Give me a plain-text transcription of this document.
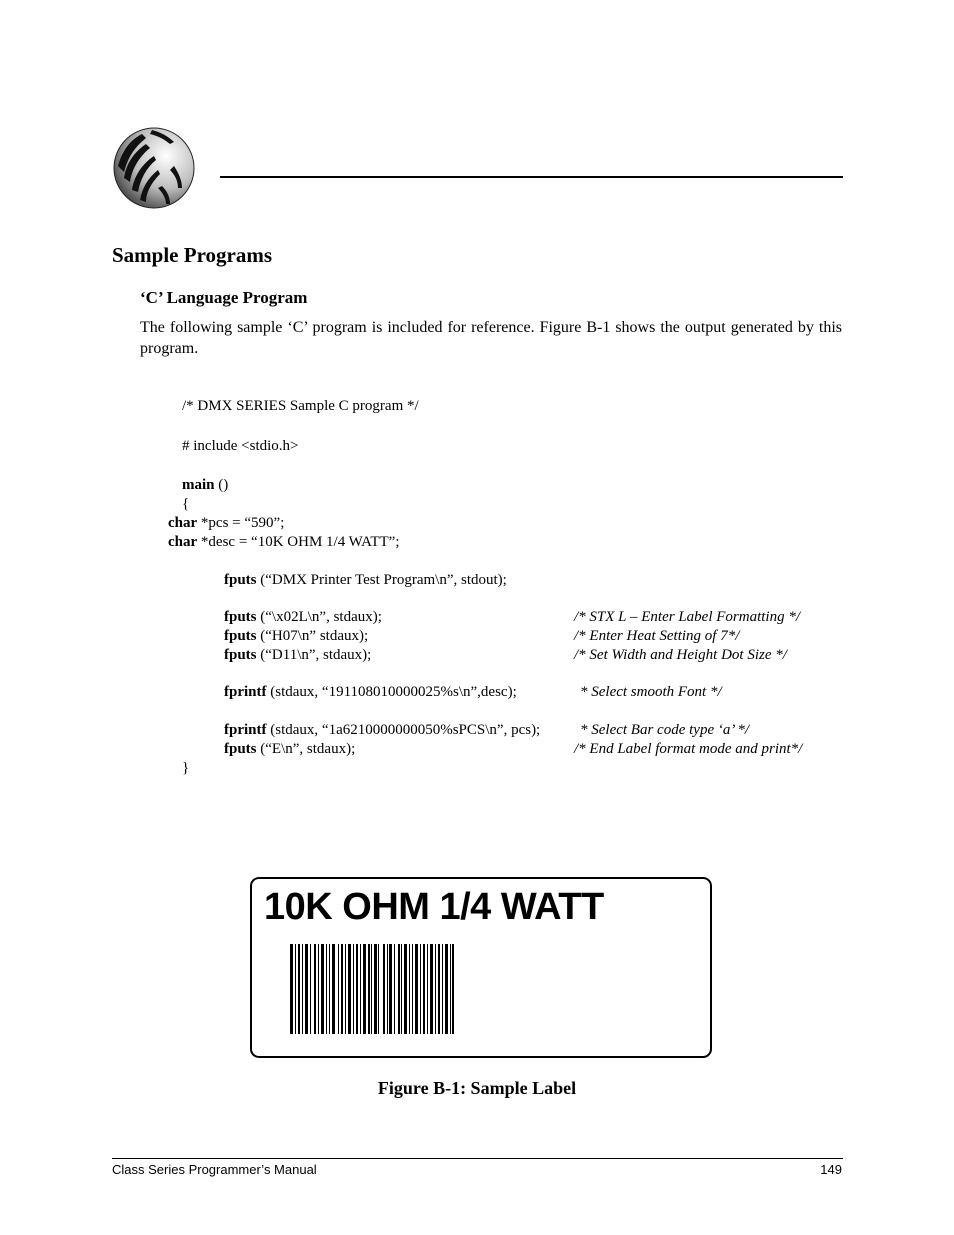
Sample Programs
‘C’ Language Program
The following sample ‘C’ program is included for reference. Figure B-1 shows the output generated by this program.
/* DMX SERIES Sample C program */
# include <stdio.h>
main ()
{
char *pcs = “590”;
char *desc = “10K OHM 1/4 WATT”;
fputs (“DMX Printer Test Program\n”, stdout);
fputs (“\x02L\n”, stdaux);	/* STX L – Enter Label Formatting */
fputs (“H07\n” stdaux);	/* Enter Heat Setting of 7*/
fputs (“D11\n”, stdaux);	/* Set Width and Height Dot Size */
fprintf (stdaux, “191108010000025%s\n”,desc);	* Select smooth Font */
fprintf (stdaux, “1a6210000000050%sPCS\n”, pcs);	* Select Bar code type ‘a’ */
fputs (“E\n”, stdaux);	/* End Label format mode and print*/
}
10K OHM 1/4 WATT
Figure B-1: Sample Label
Class Series Programmer’s Manual	149
